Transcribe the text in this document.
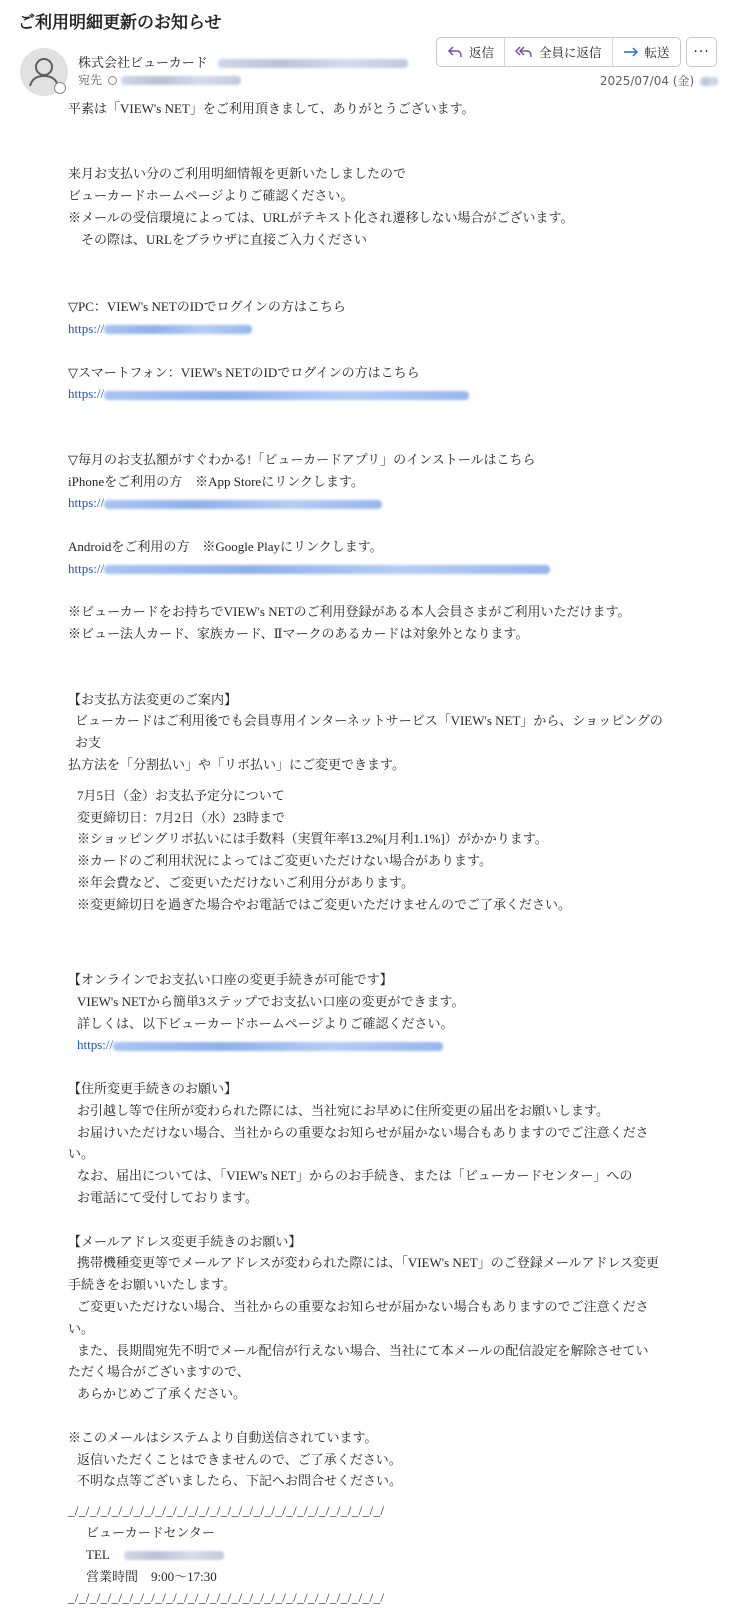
ご利用明細更新のお知らせ
株式会社ビューカード
宛先
返信	全員に返信	転送	···
2025/07/04 (金)

平素は「VIEW's NET」をご利用頂きまして、ありがとうございます。

来月お支払い分のご利用明細情報を更新いたしましたので

ビューカードホームページよりご確認ください。

※メールの受信環境によっては、URLがテキスト化され遷移しない場合がございます。

その際は、URLをブラウザに直接ご入力ください

▽PC：VIEW's NETのIDでログインの方はこちら

https://

▽スマートフォン：VIEW's NETのIDでログインの方はこちら

https://

▽毎月のお支払額がすぐわかる!「ビューカードアプリ」のインストールはこちら

iPhoneをご利用の方　※App Storeにリンクします。

https://

Androidをご利用の方　※Google Playにリンクします。

https://

※ビューカードをお持ちでVIEW's NETのご利用登録がある本人会員さまがご利用いただけます。

※ビュー法人カード、家族カード、Ⅱマークのあるカードは対象外となります。

【お支払方法変更のご案内】

ビューカードはご利用後でも会員専用インターネットサービス「VIEW's NET」から、ショッピングのお支

払方法を「分割払い」や「リボ払い」にご変更できます。

7月5日（金）お支払予定分について

変更締切日：7月2日（水）23時まで

※ショッピングリボ払いには手数料（実質年率13.2%[月利1.1%]）がかかります。

※カードのご利用状況によってはご変更いただけない場合があります。

※年会費など、ご変更いただけないご利用分があります。

※変更締切日を過ぎた場合やお電話ではご変更いただけませんのでご了承ください。

【オンラインでお支払い口座の変更手続きが可能です】

VIEW's NETから簡単3ステップでお支払い口座の変更ができます。

詳しくは、以下ビューカードホームページよりご確認ください。

https://

【住所変更手続きのお願い】

お引越し等で住所が変わられた際には、当社宛にお早めに住所変更の届出をお願いします。

お届けいただけない場合、当社からの重要なお知らせが届かない場合もありますのでご注意くださ

い。

なお、届出については、「VIEW's NET」からのお手続き、または「ビューカードセンター」への

お電話にて受付しております。

【メールアドレス変更手続きのお願い】

携帯機種変更等でメールアドレスが変わられた際には、「VIEW's NET」のご登録メールアドレス変更

手続きをお願いいたします。

ご変更いただけない場合、当社からの重要なお知らせが届かない場合もありますのでご注意くださ

い。

また、長期間宛先不明でメール配信が行えない場合、当社にて本メールの配信設定を解除させてい

ただく場合がございますので、

あらかじめご了承ください。

※このメールはシステムより自動送信されています。

返信いただくことはできませんので、ご了承ください。

不明な点等ございましたら、下記へお問合せください。

_/_/_/_/_/_/_/_/_/_/_/_/_/_/_/_/_/_/_/_/_/_/_/_/_/_/_/_/_/

ビューカードセンター

TEL

営業時間　9:00～17:30

_/_/_/_/_/_/_/_/_/_/_/_/_/_/_/_/_/_/_/_/_/_/_/_/_/_/_/_/_/
